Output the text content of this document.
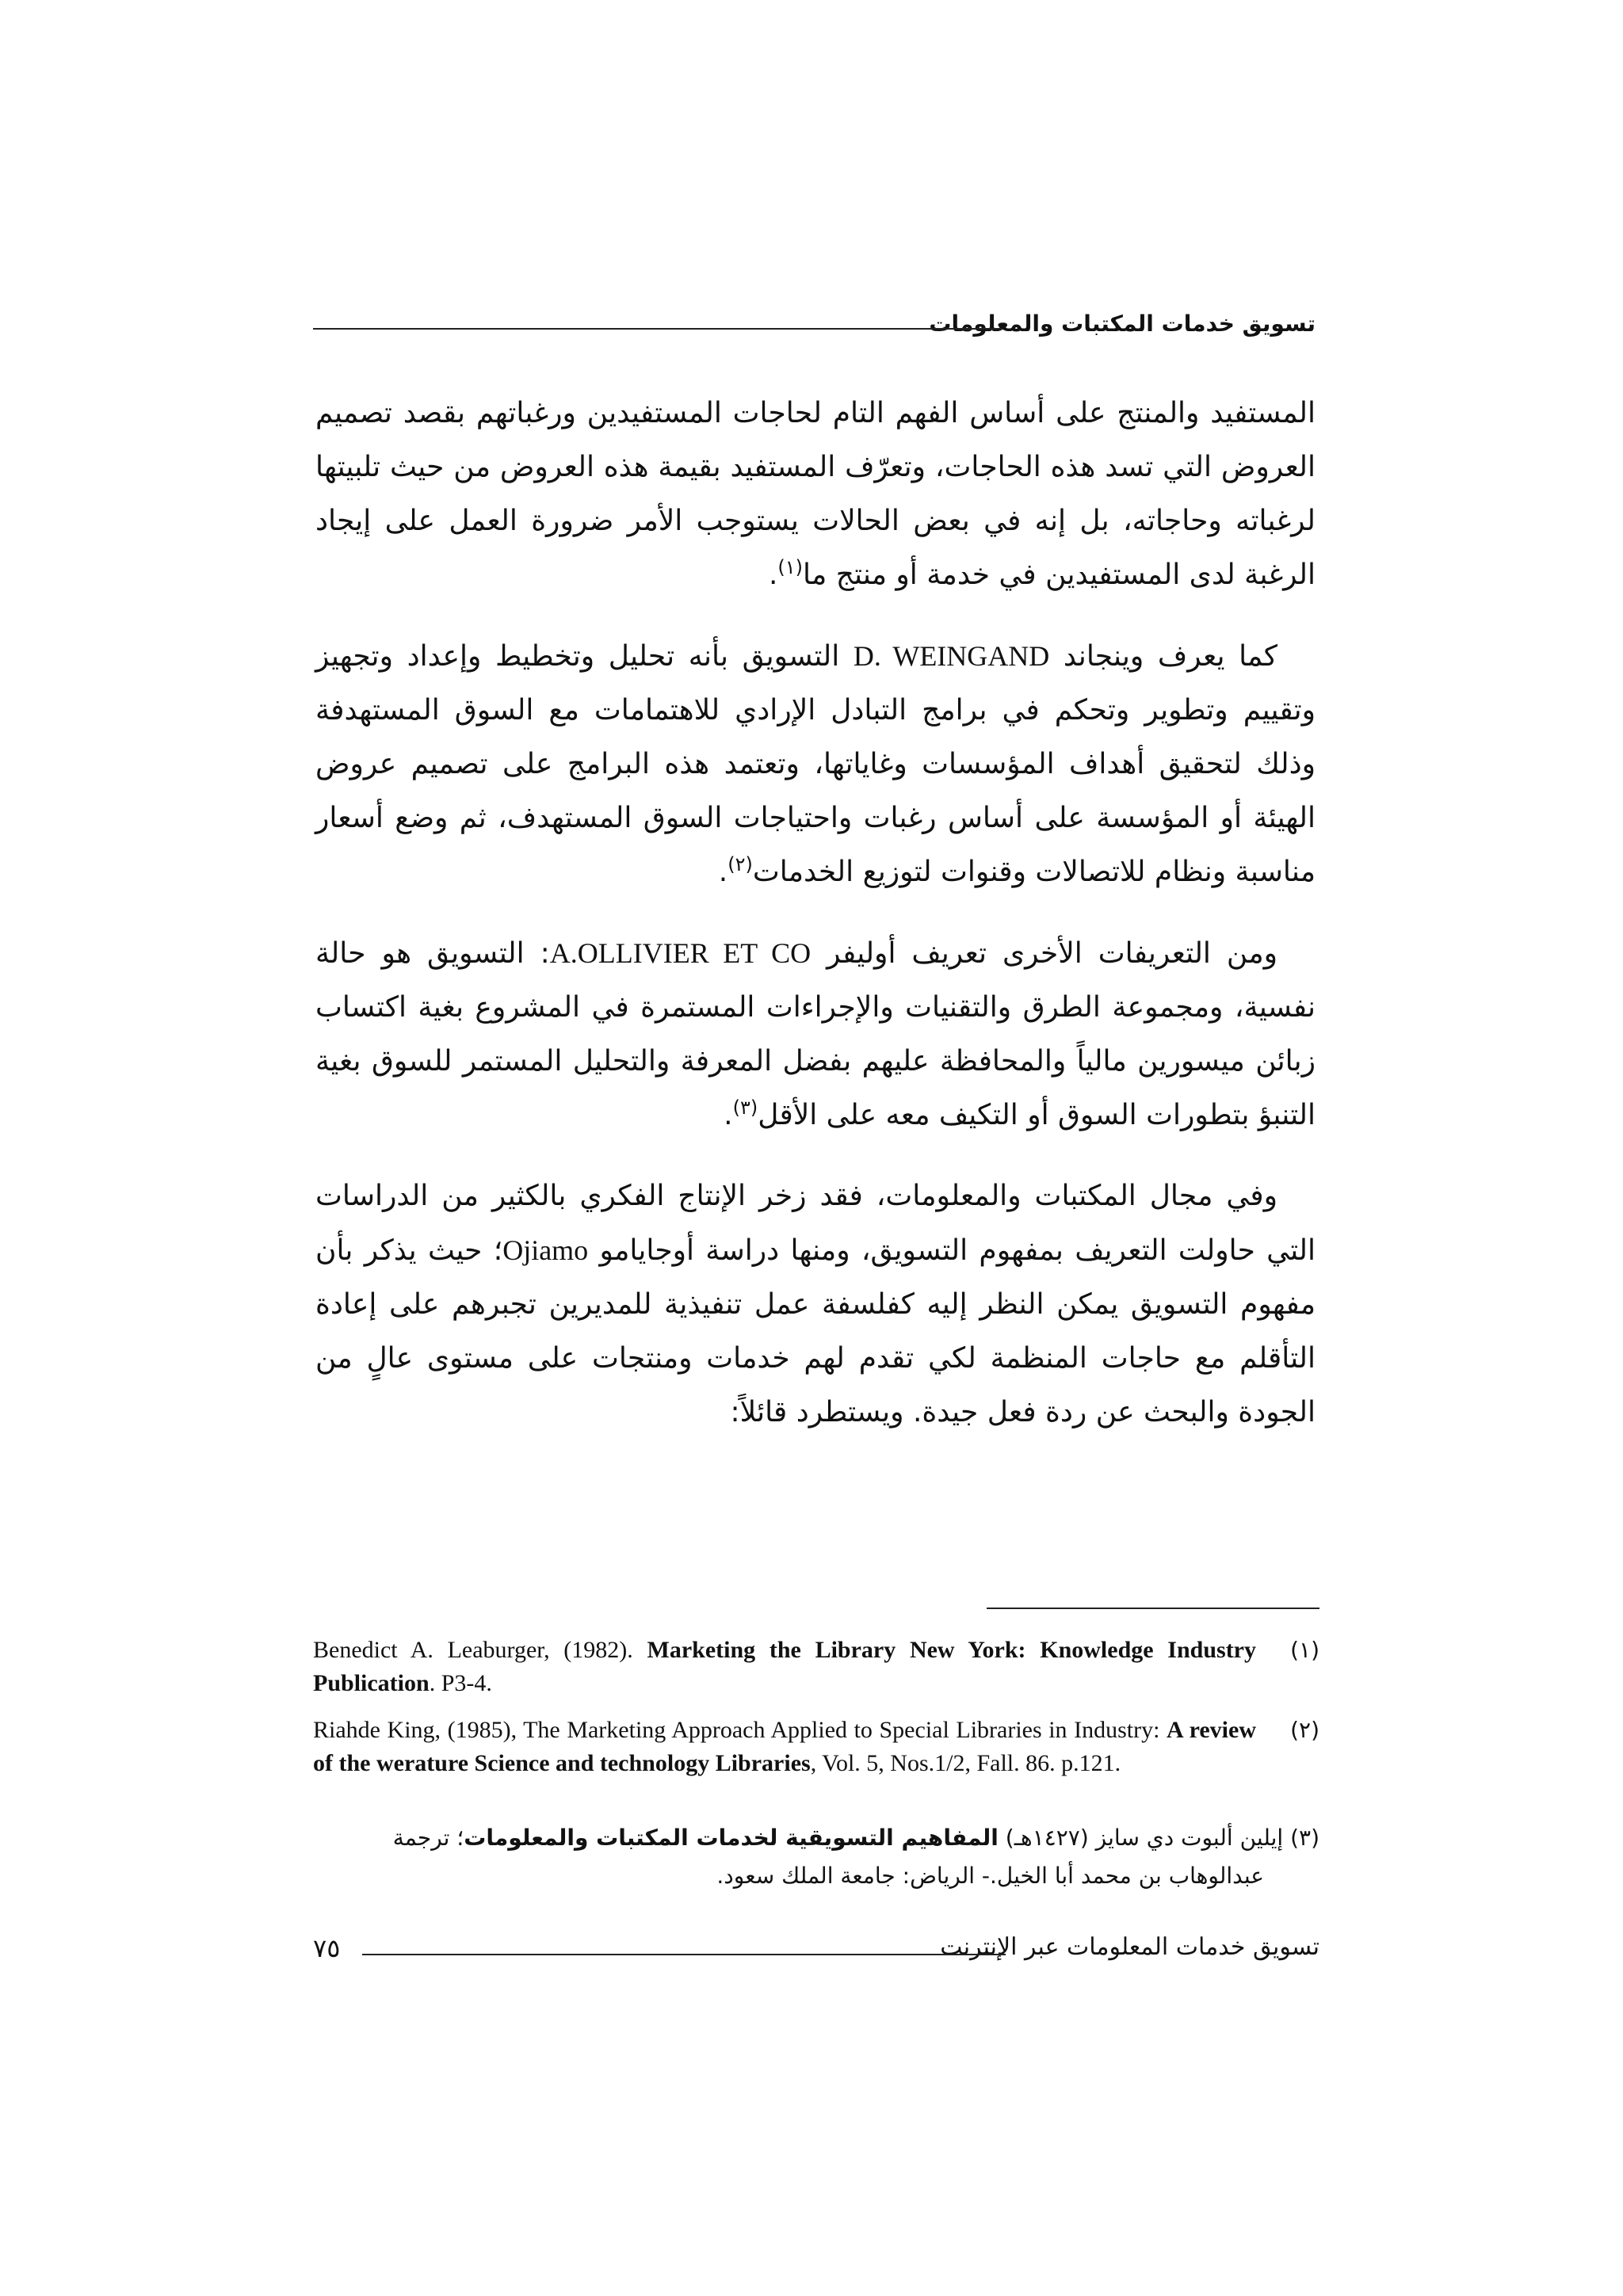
تسويق خدمات المكتبات والمعلومات

المستفيد والمنتج على أساس الفهم التام لحاجات المستفيدين ورغباتهم بقصد تصميم العروض التي تسد هذه الحاجات، وتعرّف المستفيد بقيمة هذه العروض من حيث تلبيتها لرغباته وحاجاته، بل إنه في بعض الحالات يستوجب الأمر ضرورة العمل على إيجاد الرغبة لدى المستفيدين في خدمة أو منتج ما$^{(١)}$.

كما يعرف وينجاند D. WEINGAND التسويق بأنه تحليل وتخطيط وإعداد وتجهيز وتقييم وتطوير وتحكم في برامج التبادل الإرادي للاهتمامات مع السوق المستهدفة وذلك لتحقيق أهداف المؤسسات وغاياتها، وتعتمد هذه البرامج على تصميم عروض الهيئة أو المؤسسة على أساس رغبات واحتياجات السوق المستهدف، ثم وضع أسعار مناسبة ونظام للاتصالات وقنوات لتوزيع الخدمات$^{(٢)}$.

ومن التعريفات الأخرى تعريف أوليفر A.OLLIVIER ET CO: التسويق هو حالة نفسية، ومجموعة الطرق والتقنيات والإجراءات المستمرة في المشروع بغية اكتساب زبائن ميسورين مالياً والمحافظة عليهم بفضل المعرفة والتحليل المستمر للسوق بغية التنبؤ بتطورات السوق أو التكيف معه على الأقل$^{(٣)}$.

وفي مجال المكتبات والمعلومات، فقد زخر الإنتاج الفكري بالكثير من الدراسات التي حاولت التعريف بمفهوم التسويق، ومنها دراسة أوجايامو Ojiamo؛ حيث يذكر بأن مفهوم التسويق يمكن النظر إليه كفلسفة عمل تنفيذية للمديرين تجبرهم على إعادة التأقلم مع حاجات المنظمة لكي تقدم لهم خدمات ومنتجات على مستوى عالٍ من الجودة والبحث عن ردة فعل جيدة. ويستطرد قائلاً:

(١)
Benedict A. Leaburger, (1982). Marketing the Library New York: Knowledge Industry Publication. P3-4.
(٢)
Riahde King, (1985), The Marketing Approach Applied to Special Libraries in Industry: A review of the werature Science and technology Libraries, Vol. 5, Nos.1/2, Fall. 86. p.121.
(٣) إيلين ألبوت دي سايز (١٤٢٧هـ) المفاهيم التسويقية لخدمات المكتبات والمعلومات؛ ترجمة
عبدالوهاب بن محمد أبا الخيل.- الرياض: جامعة الملك سعود.
تسويق خدمات المعلومات عبر الإنترنت
٧٥
